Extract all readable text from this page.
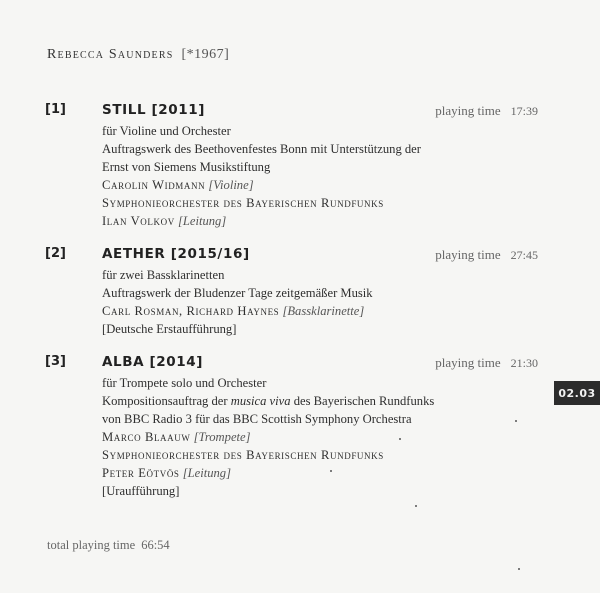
Rebecca Saunders [*1967]
[1]	STILL [2011]	playing time 17:39
für Violine und Orchester
Auftragswerk des Beethovenfestes Bonn mit Unterstützung der
Ernst von Siemens Musikstiftung
Carolin Widmann [Violine]
Symphonieorchester des Bayerischen Rundfunks
Ilan Volkov [Leitung]
[2]	AETHER [2015/16]	playing time 27:45
für zwei Bassklarinetten
Auftragswerk der Bludenzer Tage zeitgemäßer Musik
Carl Rosman, Richard Haynes [Bassklarinette]
[Deutsche Erstaufführung]
[3]	ALBA [2014]	playing time 21:30
für Trompete solo und Orchester
Kompositionsauftrag der musica viva des Bayerischen Rundfunks
von BBC Radio 3 für das BBC Scottish Symphony Orchestra
Marco Blaauw [Trompete]
Symphonieorchester des Bayerischen Rundfunks
Peter Eötvös [Leitung]
[Uraufführung]
02.03
total playing time 66:54
